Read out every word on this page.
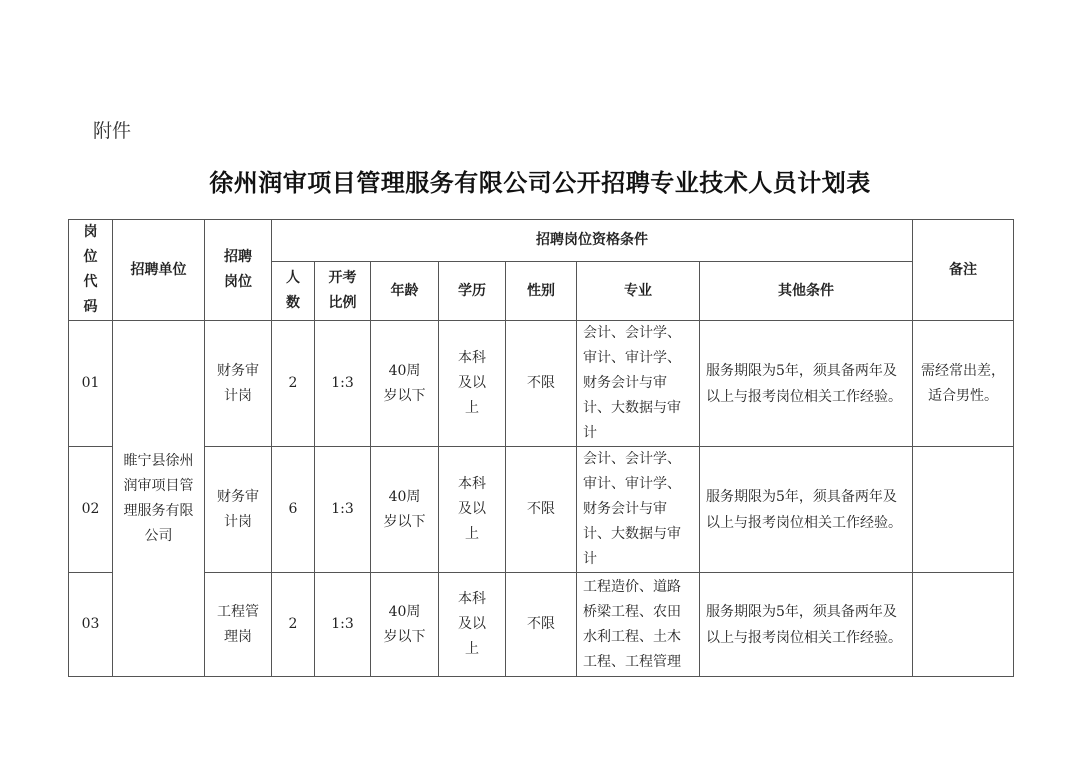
附件
徐州润审项目管理服务有限公司公开招聘专业技术人员计划表
岗位代码	招聘单位	招聘岗位	招聘岗位资格条件							备注
			人数	开考比例	年龄	学历	性别	专业	其他条件	
01	睢宁县徐州润审项目管理服务有限公司	财务审计岗	2	1:3	40周岁以下	本科及以上	不限	会计、会计学、审计、审计学、财务会计与审计、大数据与审计	服务期限为5年，须具备两年及以上与报考岗位相关工作经验。	需经常出差，适合男性。
02		财务审计岗	6	1:3	40周岁以下	本科及以上	不限	会计、会计学、审计、审计学、财务会计与审计、大数据与审计	服务期限为5年，须具备两年及以上与报考岗位相关工作经验。	
03		工程管理岗	2	1:3	40周岁以下	本科及以上	不限	工程造价、道路桥梁工程、农田水利工程、土木工程、工程管理	服务期限为5年，须具备两年及以上与报考岗位相关工作经验。	
